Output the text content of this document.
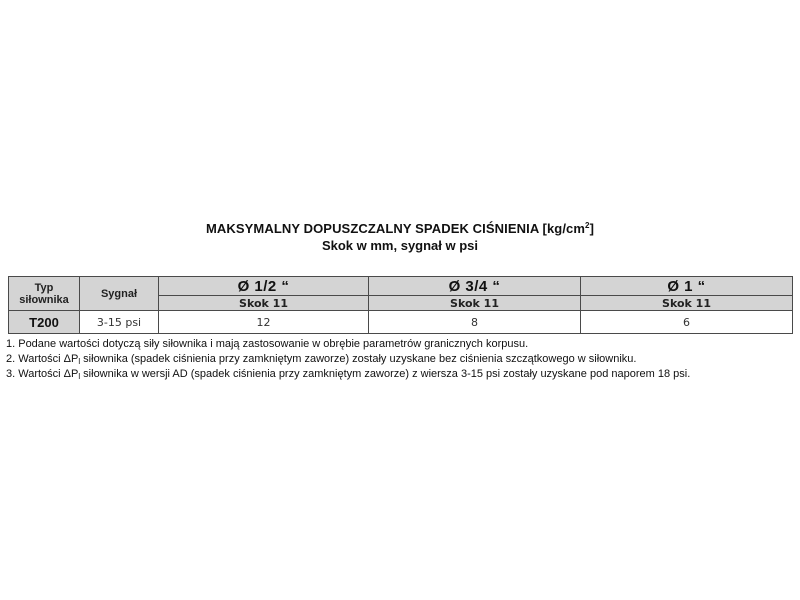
MAKSYMALNY DOPUSZCZALNY SPADEK CIŚNIENIA $[kg/cm^2]$
Skok w mm, sygnał w psi
Typ
siłownika	Sygnał	Ø 1/2 “	Ø 3/4 “	Ø 1 “
		Skok 11	Skok 11	Skok 11
T200	3-15 psi	12	8	6
1. Podane wartości dotyczą siły siłownika i mają zastosowanie w obrębie parametrów granicznych korpusu.
2. Wartości $\Delta P_l$ siłownika (spadek ciśnienia przy zamkniętym zaworze) zostały uzyskane bez ciśnienia szczątkowego w siłowniku.
3. Wartości $\Delta P_l$ siłownika w wersji AD (spadek ciśnienia przy zamkniętym zaworze) z wiersza 3-15 psi zostały uzyskane pod naporem 18 psi.
